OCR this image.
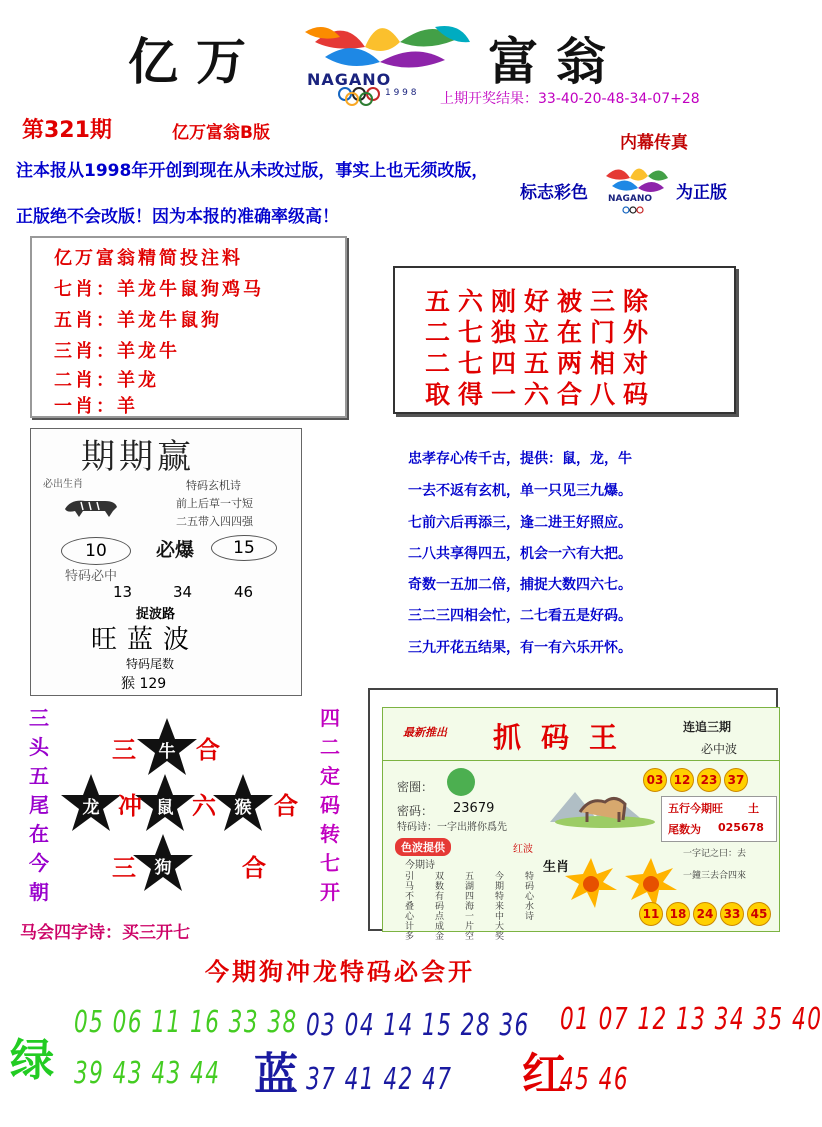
亿万	富翁
NAGANO
1 9 9 8 上期开奖结果：33-40-20-48-34-07+28
第321期	亿万富翁B版	内幕传真
注本报从1998年开创到现在从未改过版，事实上也无须改版，
正版绝不会改版！因为本报的准确率级高！
标志彩色 NAGANO 为正版
亿万富翁精简投注料
七肖：羊龙牛鼠狗鸡马
五肖：羊龙牛鼠狗
三肖：羊龙牛
二肖：羊龙
一肖：羊
五六刚好被三除
二七独立在门外
二七四五两相对
取得一六合八码
期期赢
必出生肖	特码玄机诗
前上后草一寸短
二五带入四四强
10	必爆	15
特码必中
13	34	46
捉波路
旺蓝波
特码尾数
猴 129
忠孝存心传千古，提供：鼠，龙，牛
一去不返有玄机，单一只见三九爆。
七前六后再添三，逢二进王好照应。
二八共享得四五，机会一六有大把。
奇数一五加二倍，捕捉大数四六七。
三二三四相会忙，二七看五是好码。
三九开花五结果，有一有六乐开怀。
三
头
五
尾
在
今
朝
四
二
定
码
转
七
开
牛
龙	鼠	猴
狗
三	合
冲 六 合
三	合
最新推出 抓码王	连追三期
必中波
密圈：
密码： 23679
特码诗：一字出將你爲先
03 12 23 37
五行今期旺 土
尾数为 025678
色波提供	红波
今期诗	生肖
引马不叠心计多
双数有码点成金
五湖四海一片空
今期特来中大奖
特码心水诗
一字记之曰：去
一鐘三去合四來
11 18 24 33 45
马会四字诗：买三开七
今期狗冲龙特码必会开
绿
05 06 11 16 33 38
39 43 43 44 蓝
03 04 14 15 28 36
37 41 42 47 红
01 07 12 13 34 35 40
45 46
